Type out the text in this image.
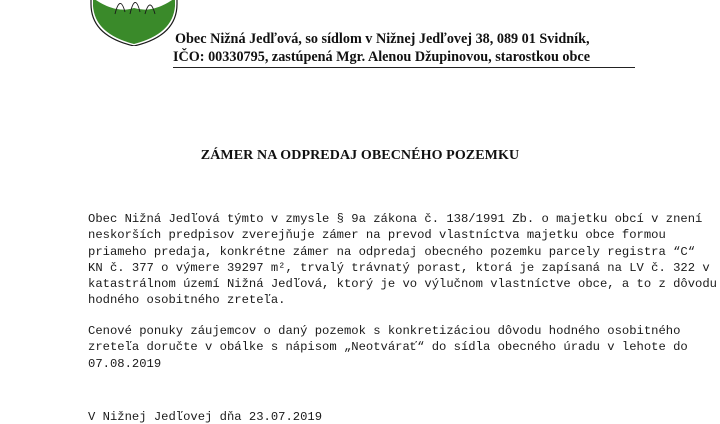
Obec Nižná Jedľová, so sídlom v Nižnej Jedľovej 38, 089 01 Svidník,
IČO: 00330795, zastúpená Mgr. Alenou Džupinovou, starostkou obce
ZÁMER NA ODPREDAJ OBECNÉHO POZEMKU
Obec Nižná Jedľová týmto v zmysle § 9a zákona č. 138/1991 Zb. o majetku obcí v znení
neskorších predpisov zverejňuje zámer na prevod vlastníctva majetku obce formou
priameho predaja, konkrétne zámer na odpredaj obecného pozemku parcely registra “C“
KN č. 377 o výmere 39297 m², trvalý trávnatý porast, ktorá je zapísaná na LV č. 322 v
katastrálnom území Nižná Jedľová, ktorý je vo výlučnom vlastníctve obce, a to z dôvodu
hodného osobitného zreteľa.
Cenové ponuky záujemcov o daný pozemok s konkretizáciou dôvodu hodného osobitného
zreteľa doručte v obálke s nápisom „Neotvárať“ do sídla obecného úradu v lehote do
07.08.2019
V Nižnej Jedľovej dňa 23.07.2019
